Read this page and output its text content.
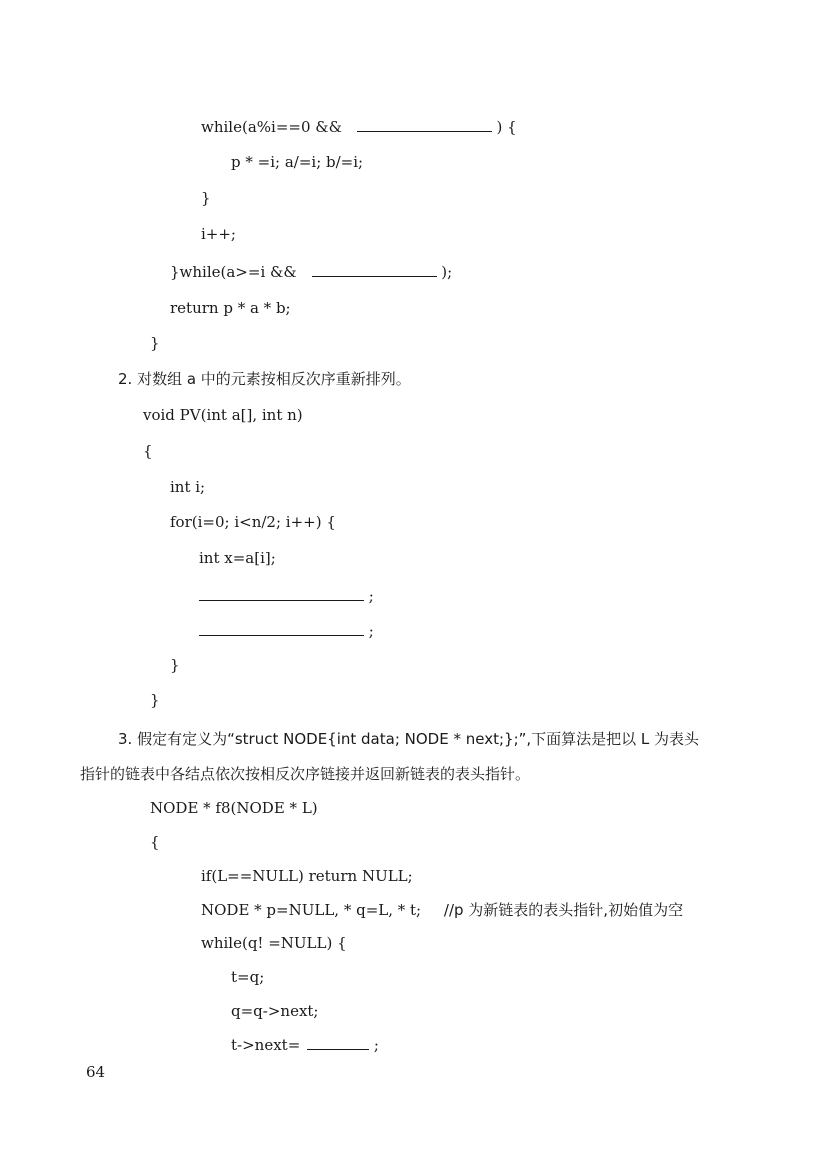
while(a%i==0 &&	) {
p * =i; a/=i; b/=i;
}
i++;
}while(a>=i &&	);
return p * a * b;
}
2. 对数组 a 中的元素按相反次序重新排列。
void PV(int a[], int n)
{
int i;
for(i=0; i<n/2; i++) {
int x=a[i];
;
;
}
}
3. 假定有定义为“struct NODE{int data; NODE * next;};”,下面算法是把以 L 为表头
指针的链表中各结点依次按相反次序链接并返回新链表的表头指针。
NODE * f8(NODE * L)
{
if(L==NULL) return NULL;
NODE * p=NULL, * q=L, * t; //p 为新链表的表头指针,初始值为空
while(q! =NULL) {
t=q;
q=q->next;
t->next=	;
64
